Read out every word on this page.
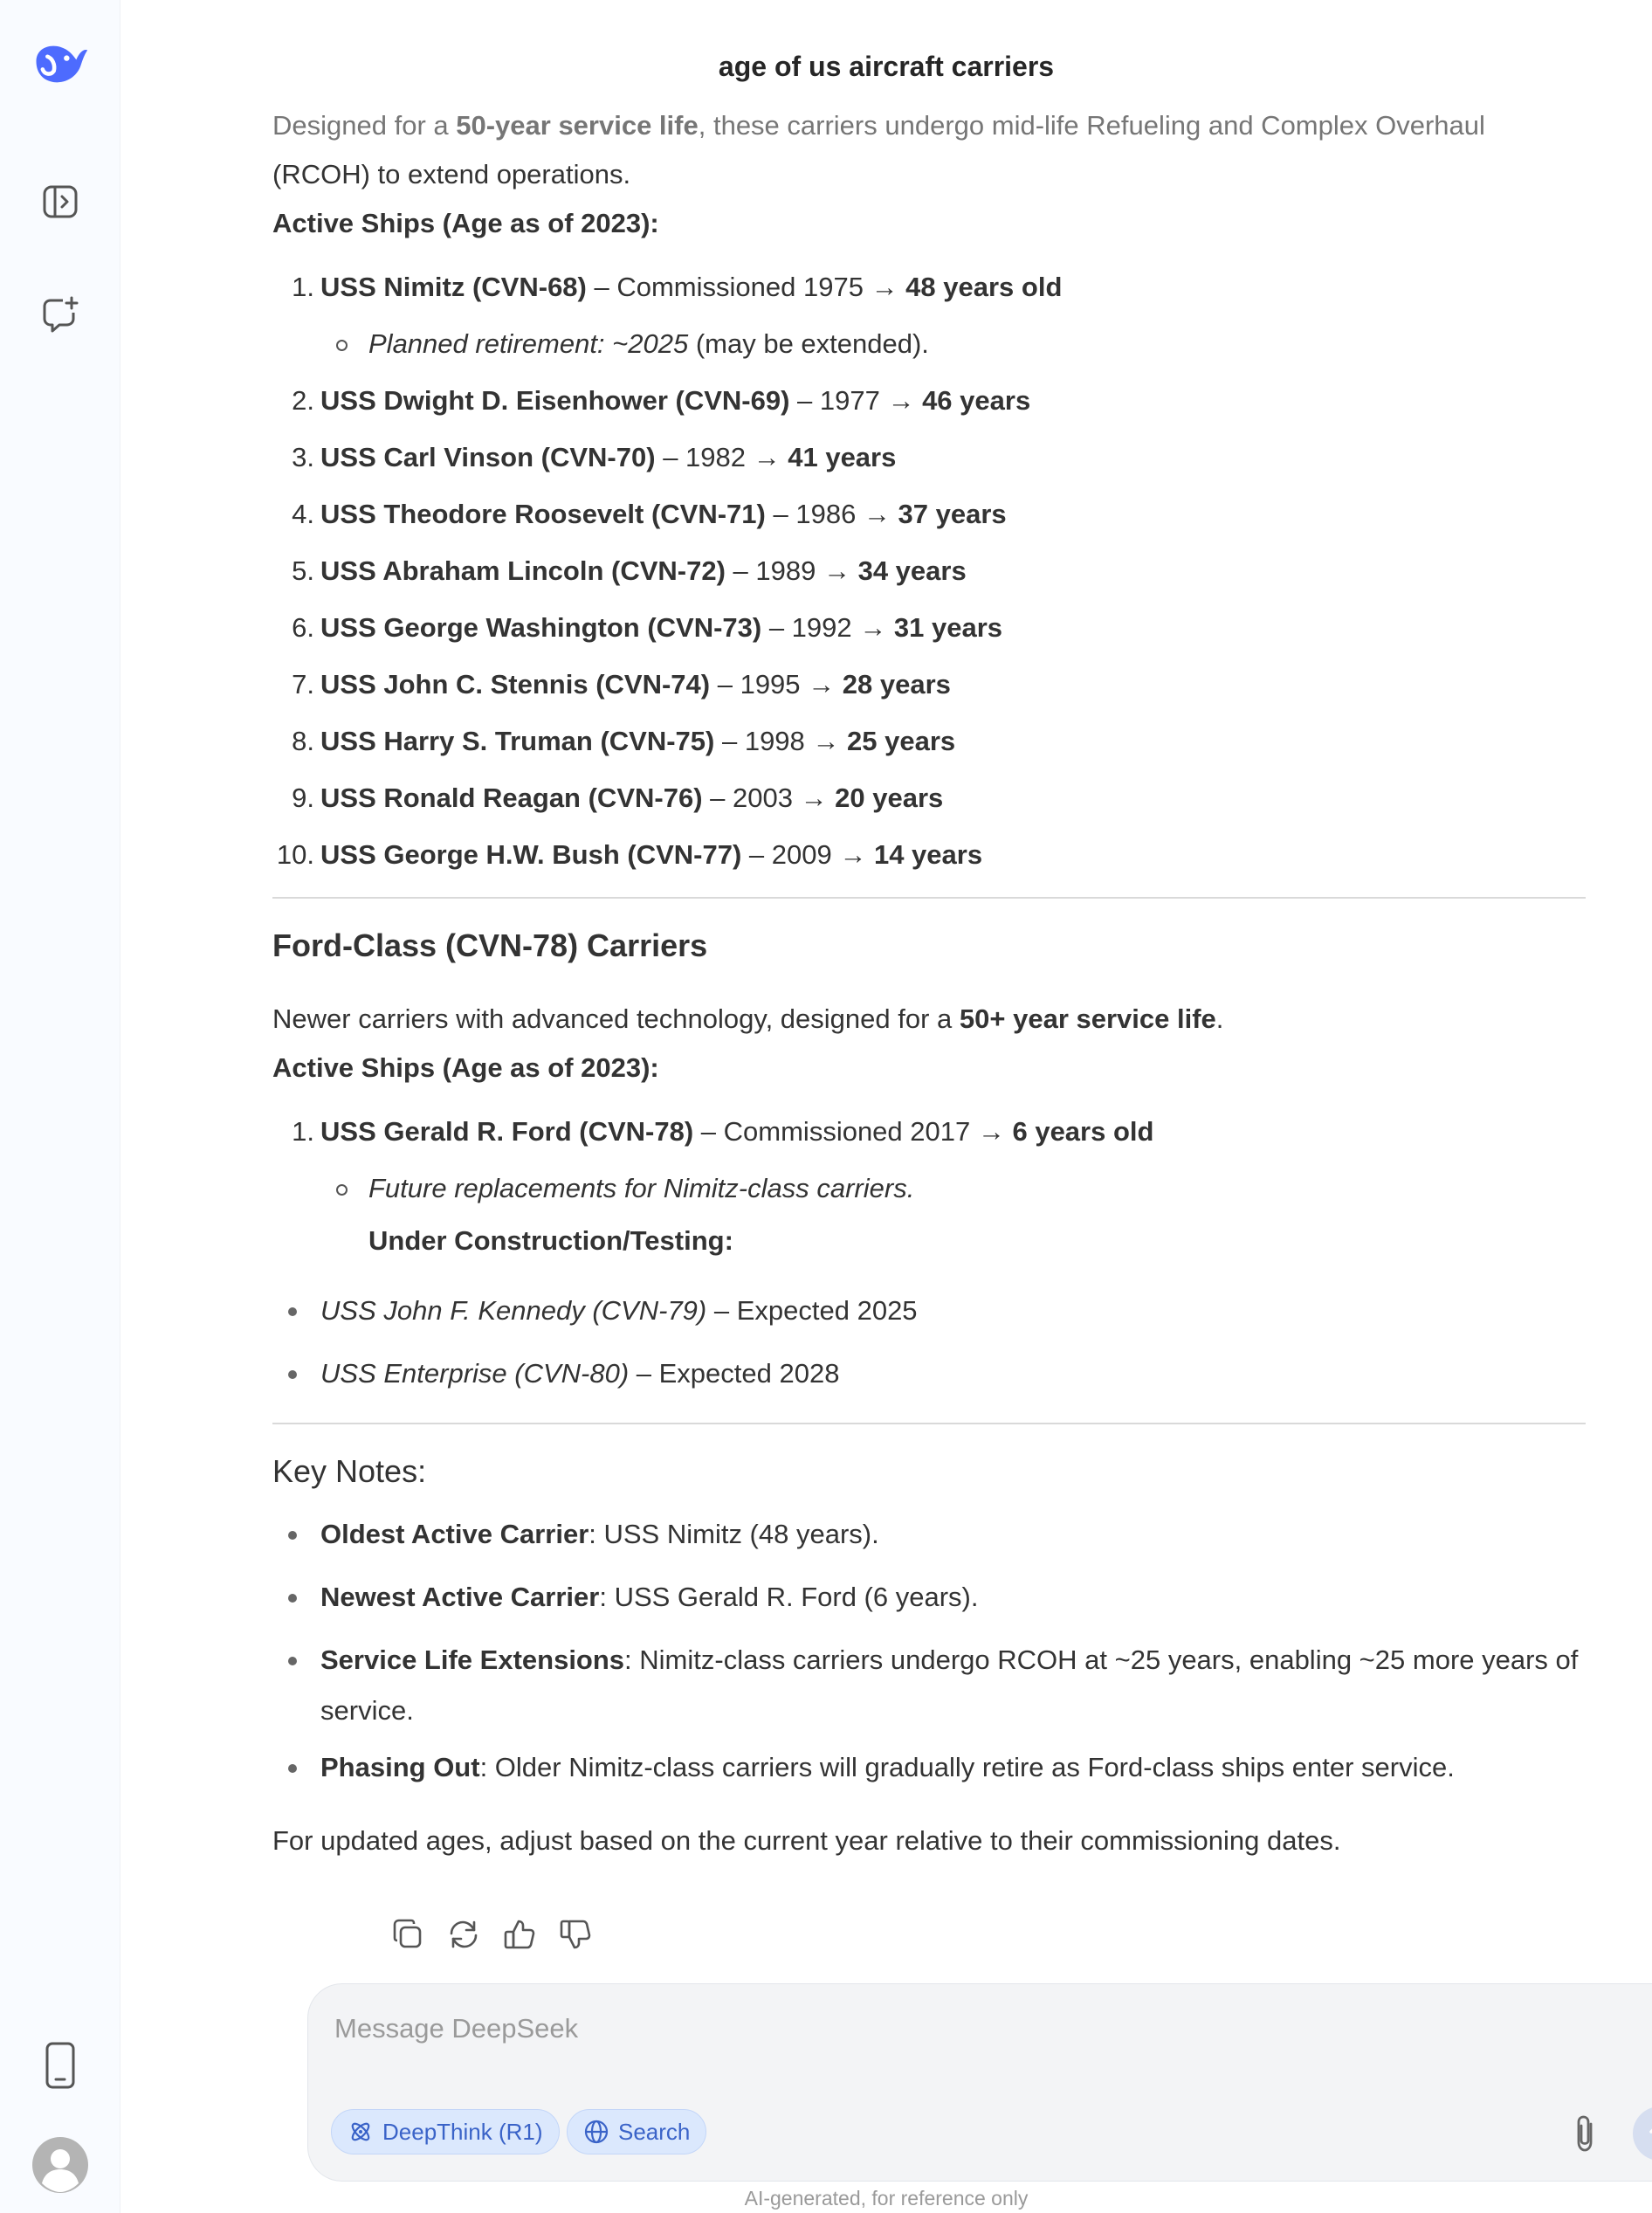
age of us aircraft carriers

Designed for a 50-year service life, these carriers undergo mid-life Refueling and Complex Overhaul

(RCOH) to extend operations.

Active Ships (Age as of 2023):

1. USS Nimitz (CVN-68) – Commissioned 1975 → 48 years old
Planned retirement: ~2025 (may be extended).
2. USS Dwight D. Eisenhower (CVN-69) – 1977 → 46 years
3. USS Carl Vinson (CVN-70) – 1982 → 41 years
4. USS Theodore Roosevelt (CVN-71) – 1986 → 37 years
5. USS Abraham Lincoln (CVN-72) – 1989 → 34 years
6. USS George Washington (CVN-73) – 1992 → 31 years
7. USS John C. Stennis (CVN-74) – 1995 → 28 years
8. USS Harry S. Truman (CVN-75) – 1998 → 25 years
9. USS Ronald Reagan (CVN-76) – 2003 → 20 years
10. USS George H.W. Bush (CVN-77) – 2009 → 14 years
Ford-Class (CVN-78) Carriers

Newer carriers with advanced technology, designed for a 50+ year service life.

Active Ships (Age as of 2023):

1. USS Gerald R. Ford (CVN-78) – Commissioned 2017 → 6 years old
Future replacements for Nimitz-class carriers.
Under Construction/Testing:
USS John F. Kennedy (CVN-79) – Expected 2025
USS Enterprise (CVN-80) – Expected 2028
Key Notes:
Oldest Active Carrier: USS Nimitz (48 years).
Newest Active Carrier: USS Gerald R. Ford (6 years).
Service Life Extensions: Nimitz-class carriers undergo RCOH at ~25 years, enabling ~25 more years of service.
Phasing Out: Older Nimitz-class carriers will gradually retire as Ford-class ships enter service.

For updated ages, adjust based on the current year relative to their commissioning dates.

Message DeepSeek
DeepThink (R1)	Search
AI-generated, for reference only
